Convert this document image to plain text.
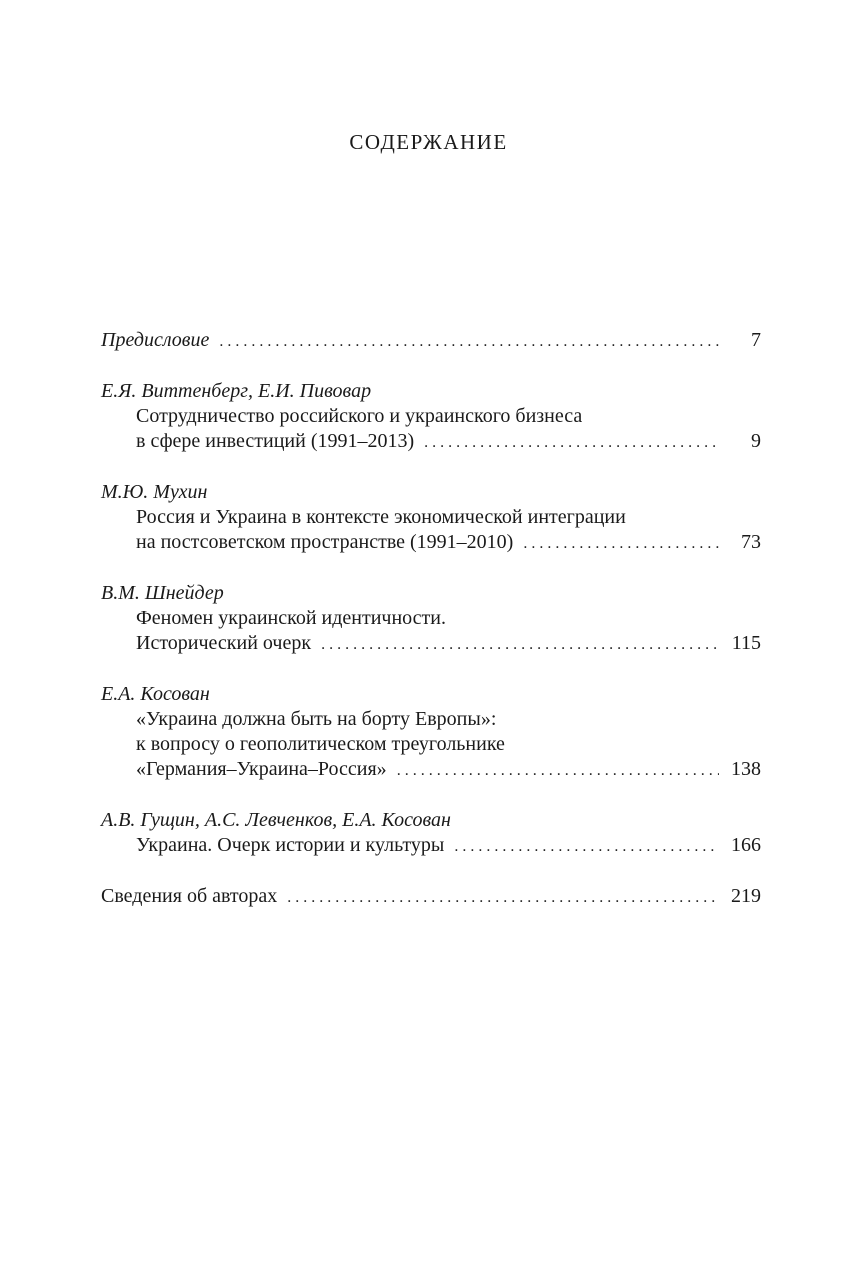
СОДЕРЖАНИЕ
Предисловие . . .	7

Е.Я. Виттенберг, Е.И. Пивовар

Сотрудничество российского и украинского бизнеса
в сфере инвестиций (1991–2013) . . .	9

М.Ю. Мухин

Россия и Украина в контексте экономической интеграции
на постсоветском пространстве (1991–2010) . . .	73

В.М. Шнейдер

Феномен украинской идентичности.
Исторический очерк . . .	115

Е.А. Косован

«Украина должна быть на борту Европы»:
к вопросу о геополитическом треугольнике
«Германия–Украина–Россия» . . .	138

А.В. Гущин, А.С. Левченков, Е.А. Косован

Украина. Очерк истории и культуры . . .	166
Сведения об авторах . . .	219
